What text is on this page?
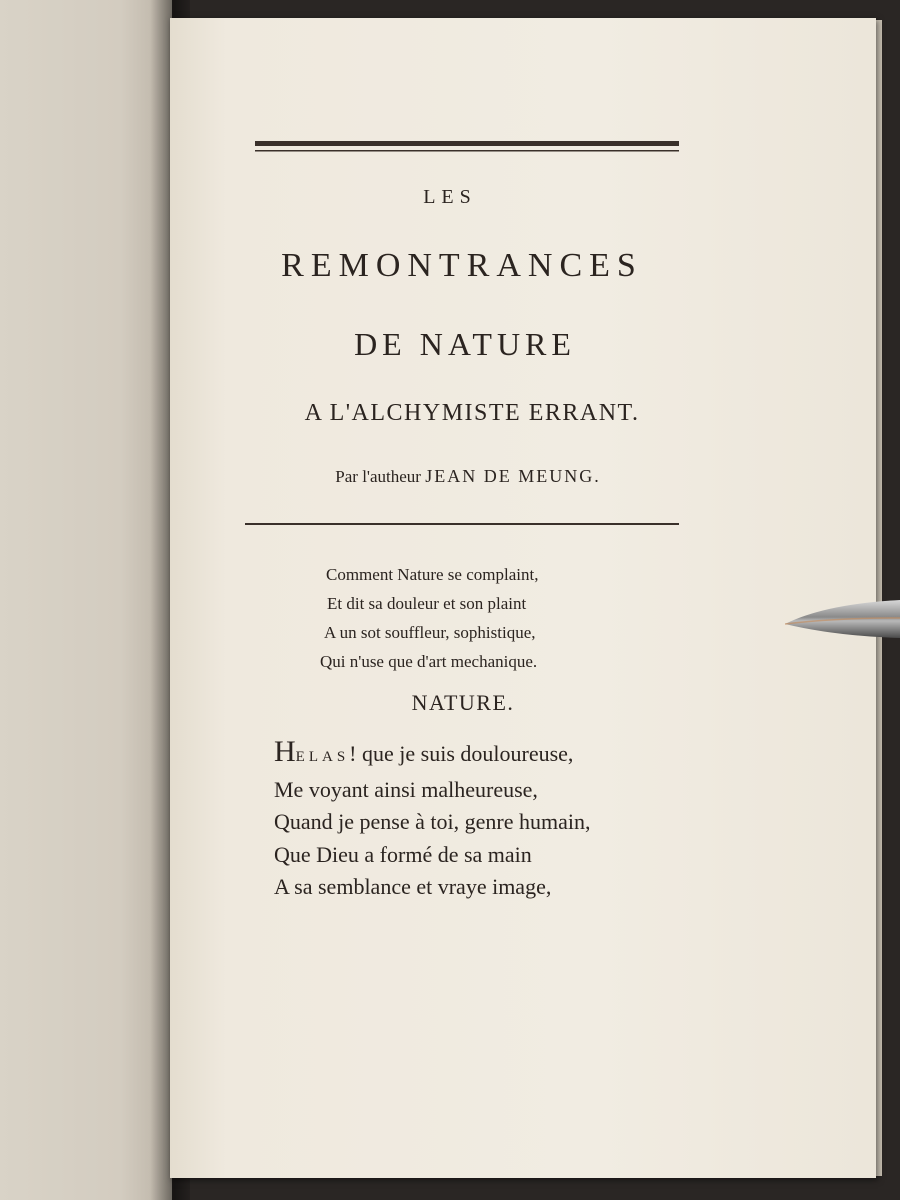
LES
REMONTRANCES
DE NATURE
A L'ALCHYMISTE ERRANT.
Par l'autheur JEAN DE MEUNG.
Comment Nature se complaint,
Et dit sa douleur et son plaint
A un sot souffleur, sophistique,
Qui n'use que d'art mechanique.
NATURE.
HELAS! que je suis douloureuse,
Me voyant ainsi malheureuse,
Quand je pense à toi, genre humain,
Que Dieu a formé de sa main
A sa semblance et vraye image,
